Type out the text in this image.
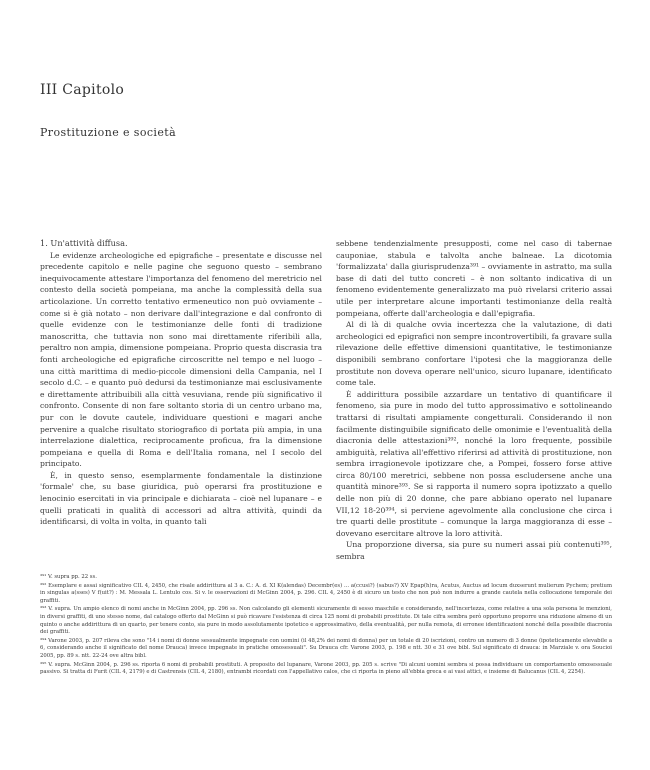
III Capitolo
Prostituzione e società

1. Un'attività diffusa.

Le evidenze archeologiche ed epigrafiche – presentate e discusse nel precedente capitolo e nelle pagine che seguono questo – sembrano inequivocamente attestare l'importanza del fenomeno del meretricio nel contesto della società pompeiana, ma anche la complessità della sua articolazione. Un corretto tentativo ermeneutico non può ovviamente – come si è già notato – non derivare dall'integrazione e dal confronto di quelle evidenze con le testimonianze delle fonti di tradizione manoscritta, che tuttavia non sono mai direttamente riferibili alla, peraltro non ampia, dimensione pompeiana. Proprio questa discrasia tra fonti archeologiche ed epigrafiche circoscritte nel tempo e nel luogo – una città marittima di medio-piccole dimensioni della Campania, nel I secolo d.C. – e quanto può dedursi da testimonianze mai esclusivamente e direttamente attribuibili alla città vesuviana, rende più significativo il confronto. Consente di non fare soltanto storia di un centro urbano ma, pur con le dovute cautele, individuare questioni e magari anche pervenire a qualche risultato storiografico di portata più ampia, in una interrelazione dialettica, reciprocamente proficua, fra la dimensione pompeiana e quella di Roma e dell'Italia romana, nel I secolo del principato.

È, in questo senso, esemplarmente fondamentale la distinzione 'formale' che, su base giuridica, può operarsi fra prostituzione e lenocinio esercitati in via principale e dichiarata – cioè nel lupanare – e quelli praticati in qualità di accessori ad altra attività, quindi da identificarsi, di volta in volta, in quanto tali

sebbene tendenzialmente presupposti, come nel caso di tabernae cauponiae, stabula e talvolta anche balneae. La dicotomia 'formalizzata' dalla giurisprudenza³⁹¹ – ovviamente in astratto, ma sulla base di dati del tutto concreti – è non soltanto indicativa di un fenomeno evidentemente generalizzato ma può rivelarsi criterio assai utile per interpretare alcune importanti testimonianze della realtà pompeiana, offerte dall'archeologia e dall'epigrafia.

Al di là di qualche ovvia incertezza che la valutazione, di dati archeologici ed epigrafici non sempre incontrovertibili, fa gravare sulla rilevazione delle effettive dimensioni quantitative, le testimonianze disponibili sembrano confortare l'ipotesi che la maggioranza delle prostitute non doveva operare nell'unico, sicuro lupanare, identificato come tale.

È addirittura possibile azzardare un tentativo di quantificare il fenomeno, sia pure in modo del tutto approssimativo e sottolineando trattarsi di risultati ampiamente congetturali. Considerando il non facilmente distinguibile significato delle omonimie e l'eventualità della diacronia delle attestazioni³⁹², nonché la loro frequente, possibile ambiguità, relativa all'effettivo riferirsi ad attività di prostituzione, non sembra irragionevole ipotizzare che, a Pompei, fossero forse attive circa 80/100 meretrici, sebbene non possa escludersene anche una quantità minore³⁹³. Se si rapporta il numero sopra ipotizzato a quello delle non più di 20 donne, che pare abbiano operato nel lupanare VII,12 18-20³⁹⁴, si perviene agevolmente alla conclusione che circa i tre quarti delle prostitute – comunque la larga maggioranza di esse – dovevano esercitare altrove la loro attività.

Una proporzione diversa, sia pure su numeri assai più contenuti³⁹⁵, sembra

³⁹¹ V. supra pp. 22 ss.

³⁹² Esemplare e assai significativo CIL 4, 2450, che risale addirittura al 3 a. C.: A. d. XI K(alendas) Decembr(es) ... a(ccusi?) (sabus?) XV Epap(h)ra, Acutus, Auctus ad locum duxserunt mulierum Pychem; pretium in singulas a(sses) V f(uit?) : M. Messala L. Lentulo cos. Si v. le osservazioni di McGinn 2004, p. 296. CIL 4, 2450 è di sicuro un testo che non può non indurre a grande cautela nella collocazione temporale dei graffiti.

³⁹³ V. supra. Un ampio elenco di nomi anche in McGinn 2004, pp. 296 ss. Non calcolando gli elementi sicuramente di sesso maschile e considerando, nell'incertezza, come relative a una sola persona le menzioni, in diversi graffiti, di uno stesso nome, dal catalogo offerto dal McGinn si può ricavare l'esistenza di circa 125 nomi di probabili prostitute. Di tale cifra sembra però opportuno proporre una riduzione almeno di un quinto o anche addirittura di un quarto, per tenere conto, sia pure in modo assolutamente ipotetico e approssimativo, della eventualità, per nulla remota, di erronee identificazioni nonché della possibile diacronia dei graffiti.

³⁹⁴ Varone 2003, p. 207 rileva che sono "14 i nomi di donne sessualmente impegnate con uomini (il 48,2% dei nomi di donna) per un totale di 20 iscrizioni, contro un numero di 3 donne (ipoteticamente elevabile a 6, considerando anche il significato del nome Drauca) invece impegnate in pratiche omosessuali". Su Drauca cfr. Varone 2003, p. 198 e ntt. 30 e 31 ove bibl. Sul significato di drauca: in Marziale v. ora Soucioi 2005, pp. 89 s. ntt. 22-24 ove altra bibl.

³⁹⁵ V. supra. McGinn 2004, p. 296 ss. riporta 6 nomi di probabili prostituti. A proposito del lupanare, Varone 2003, pp. 205 s. scrive "Di alcuni uomini sembra si possa individuare un comportamento omosessuale passivo. Si tratta di Furit (CIL 4, 2179) e di Castrensis (CIL 4, 2180), entrambi ricordati con l'appellativo calos, che ci riporta in pieno all'ebbia greca e ai vasi attici, e insieme di Balucanus (CIL 4, 2254).
